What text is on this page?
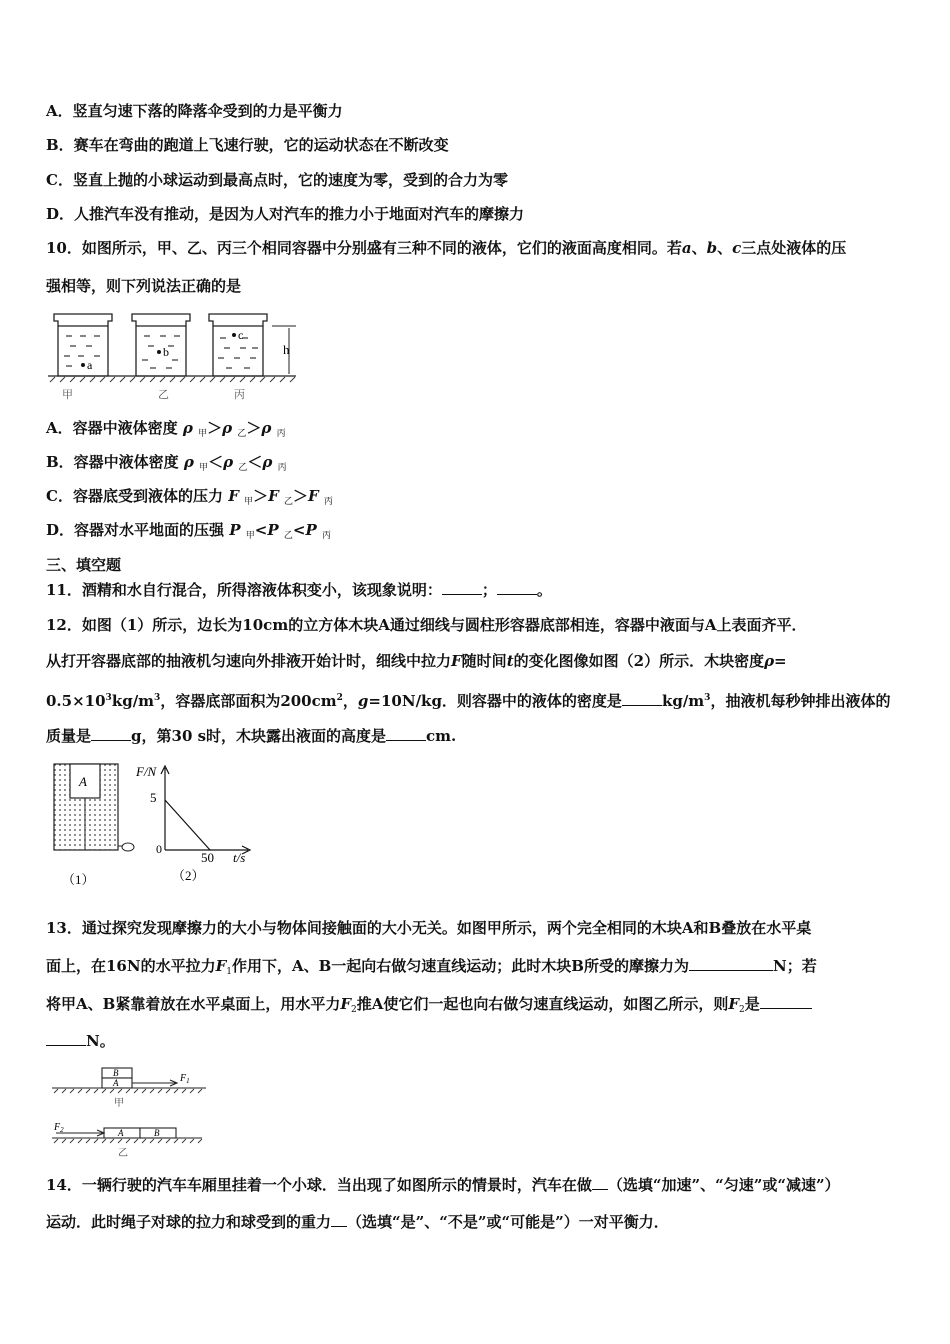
A．竖直匀速下落的降落伞受到的力是平衡力
B．赛车在弯曲的跑道上飞速行驶，它的运动状态在不断改变
C．竖直上抛的小球运动到最高点时，它的速度为零，受到的合力为零
D．人推汽车没有推动，是因为人对汽车的推力小于地面对汽车的摩擦力
10．如图所示，甲、乙、丙三个相同容器中分别盛有三种不同的液体，它们的液面高度相同。若a、b、c三点处液体的压
强相等，则下列说法正确的是
a
b
c
h
甲	乙	丙
A．容器中液体密度 ρ $_甲$＞ρ $_乙$＞ρ $_丙$
B．容器中液体密度 ρ $_甲$＜ρ $_乙$＜ρ $_丙$
C．容器底受到液体的压力 F $_甲$＞F $_乙$＞F $_丙$
D．容器对水平地面的压强 P $_甲$<P $_乙$<P $_丙$
三、填空题
11．酒精和水自行混合，所得溶液体积变小，该现象说明：	；	。
12．如图（1）所示，边长为10cm的立方体木块A通过细线与圆柱形容器底部相连，容器中液面与A上表面齐平．
从打开容器底部的抽液机匀速向外排液开始计时，细线中拉力F随时间t的变化图像如图（2）所示．木块密度ρ=
$0.5\times 10^3kg/m^3$，容器底部面积为$200cm^2$，g=10N/kg．则容器中的液体的密度是	$kg/m^3$，抽液机每秒钟排出液体的
质量是	g，第30 s时，木块露出液面的高度是	cm.
A
F/N
5
0
50 t/s
（1）	（2）
13．通过探究发现摩擦力的大小与物体间接触面的大小无关。如图甲所示，两个完全相同的木块A和B叠放在水平桌
面上，在16N的水平拉力$F_1$作用下，A、B一起向右做匀速直线运动；此时木块B所受的摩擦力为	N；若
将甲A、B紧靠着放在水平桌面上，用水平力$F_2$推A使它们一起也向右做匀速直线运动，如图乙所示，则$F_2$是
N。
B
A	$F_1$
甲
$F_2$	A	B
乙
14．一辆行驶的汽车车厢里挂着一个小球．当出现了如图所示的情景时，汽车在做 （选填“加速”、“匀速”或“减速”）
运动．此时绳子对球的拉力和球受到的重力 （选填“是”、“不是”或“可能是”）一对平衡力．
